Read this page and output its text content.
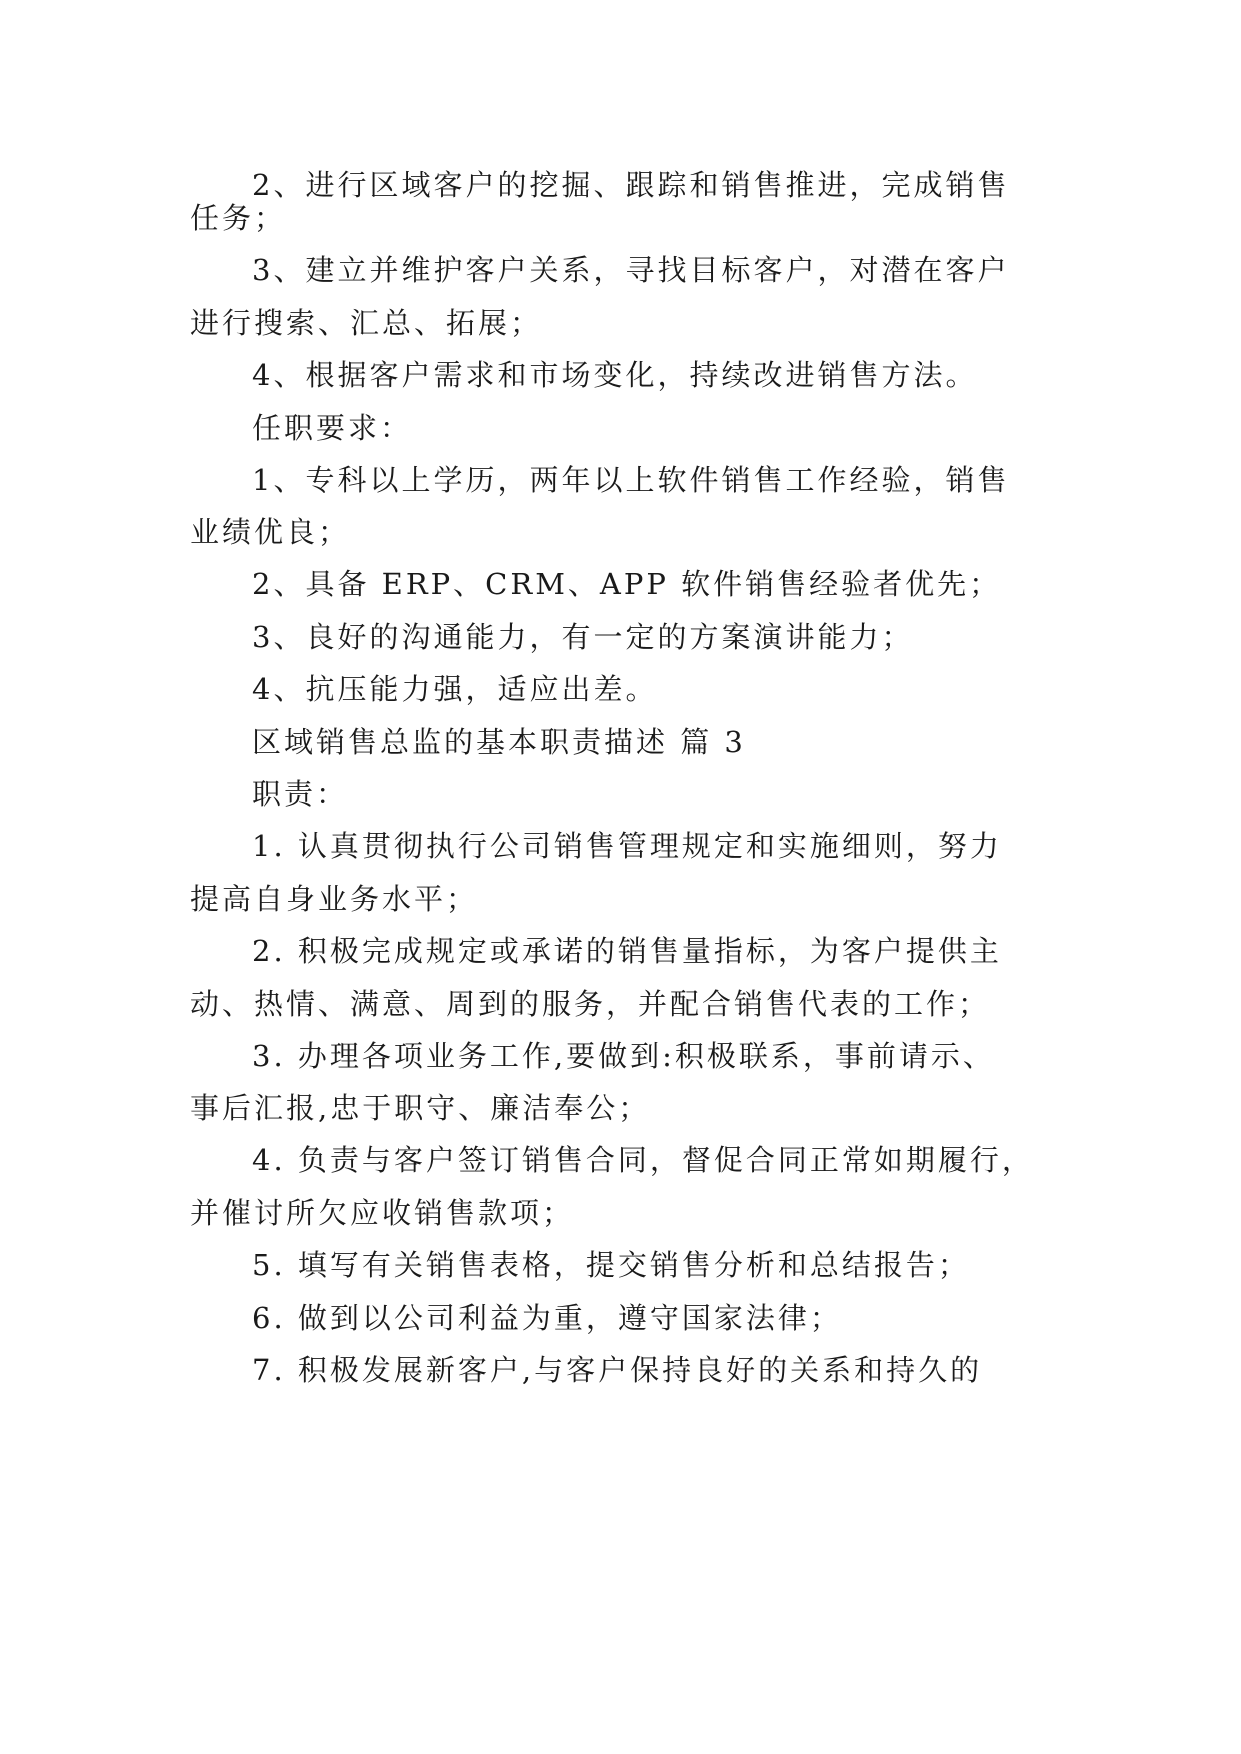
2、进行区域客户的挖掘、跟踪和销售推进，完成销售
任务；
3、建立并维护客户关系，寻找目标客户，对潜在客户
进行搜索、汇总、拓展；
4、根据客户需求和市场变化，持续改进销售方法。
任职要求：
1、专科以上学历，两年以上软件销售工作经验，销售
业绩优良；
2、具备 ERP、CRM、APP 软件销售经验者优先；
3、良好的沟通能力，有一定的方案演讲能力；
4、抗压能力强，适应出差。
区域销售总监的基本职责描述 篇 3
职责：
1. 认真贯彻执行公司销售管理规定和实施细则，努力
提高自身业务水平；
2. 积极完成规定或承诺的销售量指标，为客户提供主
动、热情、满意、周到的服务，并配合销售代表的工作；
3. 办理各项业务工作,要做到:积极联系，事前请示、
事后汇报,忠于职守、廉洁奉公；
4. 负责与客户签订销售合同，督促合同正常如期履行，
并催讨所欠应收销售款项；
5. 填写有关销售表格，提交销售分析和总结报告；
6. 做到以公司利益为重，遵守国家法律；
7. 积极发展新客户,与客户保持良好的关系和持久的
